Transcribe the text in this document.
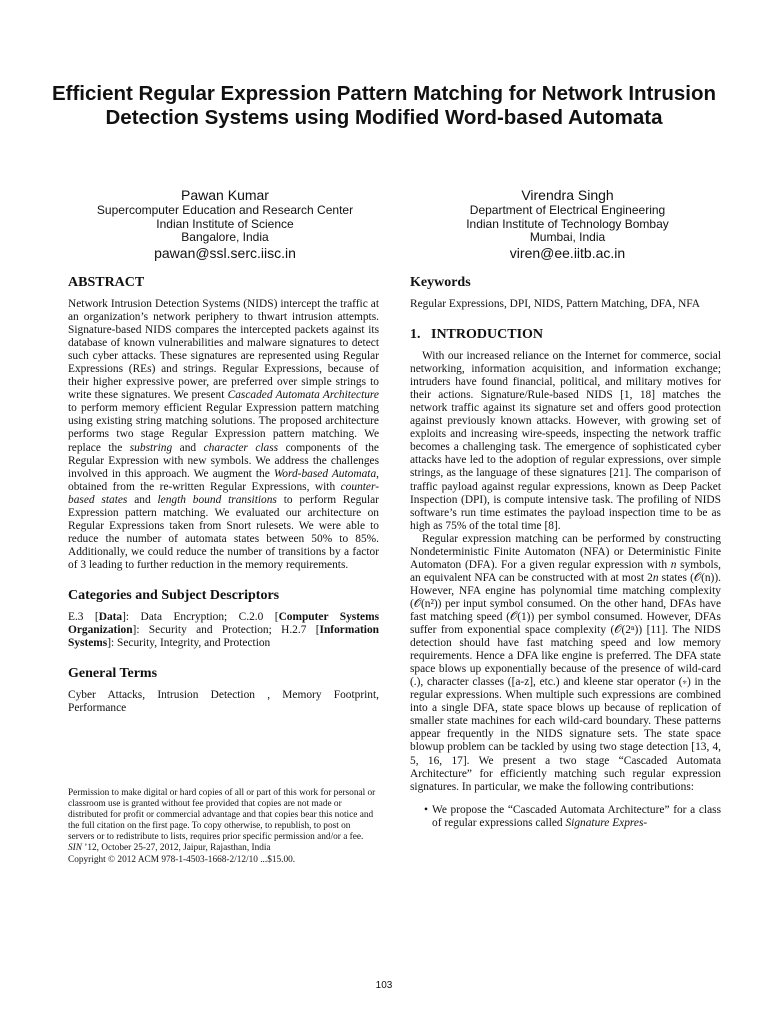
Efficient Regular Expression Pattern Matching for Network Intrusion Detection Systems using Modified Word-based Automata
Pawan Kumar
Supercomputer Education and Research Center
Indian Institute of Science
Bangalore, India
pawan@ssl.serc.iisc.in
Virendra Singh
Department of Electrical Engineering
Indian Institute of Technology Bombay
Mumbai, India
viren@ee.iitb.ac.in
ABSTRACT

Network Intrusion Detection Systems (NIDS) intercept the traffic at an organization’s network periphery to thwart intrusion attempts. Signature-based NIDS compares the intercepted packets against its database of known vulnerabilities and malware signatures to detect such cyber attacks. These signatures are represented using Regular Expressions (REs) and strings. Regular Expressions, because of their higher expressive power, are preferred over simple strings to write these signatures. We present Cascaded Automata Architecture to perform memory efficient Regular Expression pattern matching using existing string matching solutions. The proposed architecture performs two stage Regular Expression pattern matching. We replace the substring and character class components of the Regular Expression with new symbols. We address the challenges involved in this approach. We augment the Word-based Automata, obtained from the re-written Regular Expressions, with counter-based states and length bound transitions to perform Regular Expression pattern matching. We evaluated our architecture on Regular Expressions taken from Snort rulesets. We were able to reduce the number of automata states between 50% to 85%. Additionally, we could reduce the number of transitions by a factor of 3 leading to further reduction in the memory requirements.

Categories and Subject Descriptors

E.3 [Data]: Data Encryption; C.2.0 [Computer Systems Organization]: Security and Protection; H.2.7 [Information Systems]: Security, Integrity, and Protection

General Terms

Cyber Attacks, Intrusion Detection , Memory Footprint, Performance

Permission to make digital or hard copies of all or part of this work for personal or classroom use is granted without fee provided that copies are not made or distributed for profit or commercial advantage and that copies bear this notice and the full citation on the first page. To copy otherwise, to republish, to post on servers or to redistribute to lists, requires prior specific permission and/or a fee.
SIN ’12, October 25-27, 2012, Jaipur, Rajasthan, India
Copyright © 2012 ACM 978-1-4503-1668-2/12/10 ...$15.00.
Keywords

Regular Expressions, DPI, NIDS, Pattern Matching, DFA, NFA

1.   INTRODUCTION

With our increased reliance on the Internet for commerce, social networking, information acquisition, and information exchange; intruders have found financial, political, and military motives for their actions. Signature/Rule-based NIDS [1, 18] matches the network traffic against its signature set and offers good protection against previously known attacks. However, with growing set of exploits and increasing wire-speeds, inspecting the network traffic becomes a challenging task. The emergence of sophisticated cyber attacks have led to the adoption of regular expressions, over simple strings, as the language of these signatures [21]. The comparison of traffic payload against regular expressions, known as Deep Packet Inspection (DPI), is compute intensive task. The profiling of NIDS software’s run time estimates the payload inspection time to be as high as 75% of the total time [8].

Regular expression matching can be performed by constructing Nondeterministic Finite Automaton (NFA) or Deterministic Finite Automaton (DFA). For a given regular expression with n symbols, an equivalent NFA can be constructed with at most 2n states (𝒪(n)). However, NFA engine has polynomial time matching complexity (𝒪(n²)) per input symbol consumed. On the other hand, DFAs have fast matching speed (𝒪(1)) per symbol consumed. However, DFAs suffer from exponential space complexity (𝒪(2ⁿ)) [11]. The NIDS detection should have fast matching speed and low memory requirements. Hence a DFA like engine is preferred. The DFA state space blows up exponentially because of the presence of wild-card (.), character classes ([a-z], etc.) and kleene star operator (∗) in the regular expressions. When multiple such expressions are combined into a single DFA, state space blows up because of replication of smaller state machines for each wild-card boundary. These patterns appear frequently in the NIDS signature sets. The state space blowup problem can be tackled by using two stage detection [13, 4, 5, 16, 17]. We present a two stage “Cascaded Automata Architecture” for efficiently matching such regular expression signatures. In particular, we make the following contributions:

• We propose the “Cascaded Automata Architecture” for a class of regular expressions called Signature Expres-
103
